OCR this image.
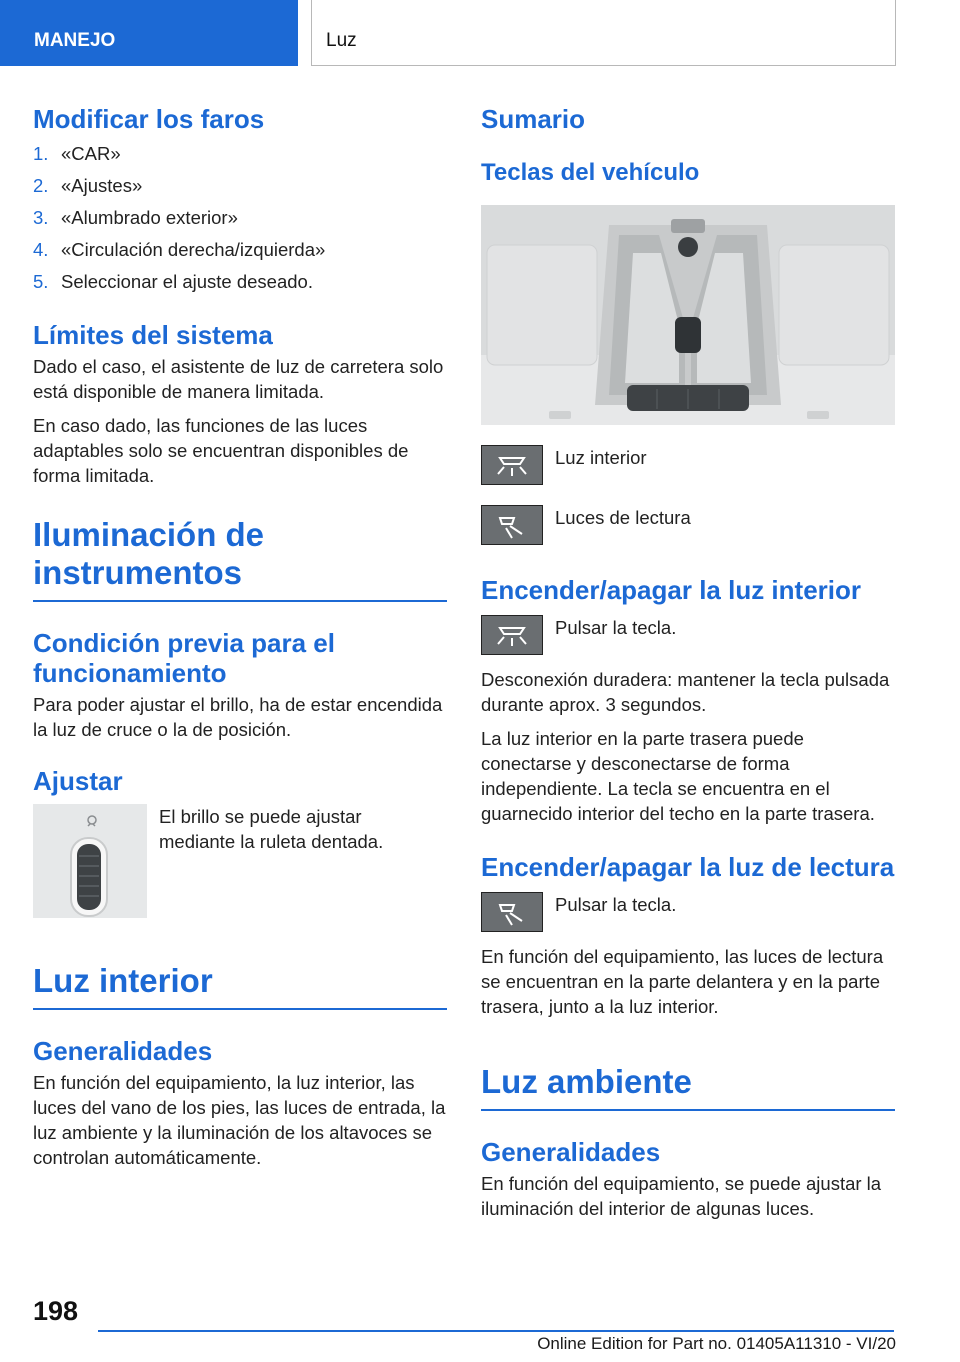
MANEJO	Luz
Modificar los faros
1. «CAR»
2. «Ajustes»
3. «Alumbrado exterior»
4. «Circulación derecha/izquierda»
5. Seleccionar el ajuste deseado.
Límites del sistema

Dado el caso, el asistente de luz de carretera solo está disponible de manera limitada.

En caso dado, las funciones de las luces adaptables solo se encuentran disponibles de forma limitada.

Iluminación de
instrumentos
Condición previa para el
funcionamiento

Para poder ajustar el brillo, ha de estar encendida la luz de cruce o la de posición.

Ajustar

El brillo se puede ajustar mediante la ruleta dentada.

Luz interior
Generalidades

En función del equipamiento, la luz interior, las luces del vano de los pies, las luces de entrada, la luz ambiente y la iluminación de los altavoces se controlan automáticamente.

Sumario
Teclas del vehículo
Luz interior
Luces de lectura
Encender/apagar la luz interior
Pulsar la tecla.

Desconexión duradera: mantener la tecla pulsada durante aprox. 3 segundos.

La luz interior en la parte trasera puede conectarse y desconectarse de forma independiente. La tecla se encuentra en el guarnecido interior del techo en la parte trasera.

Encender/apagar la luz de lectura
Pulsar la tecla.

En función del equipamiento, las luces de lectura se encuentran en la parte delantera y en la parte trasera, junto a la luz interior.

Luz ambiente
Generalidades

En función del equipamiento, se puede ajustar la iluminación del interior de algunas luces.

198
Online Edition for Part no. 01405A11310 - VI/20
